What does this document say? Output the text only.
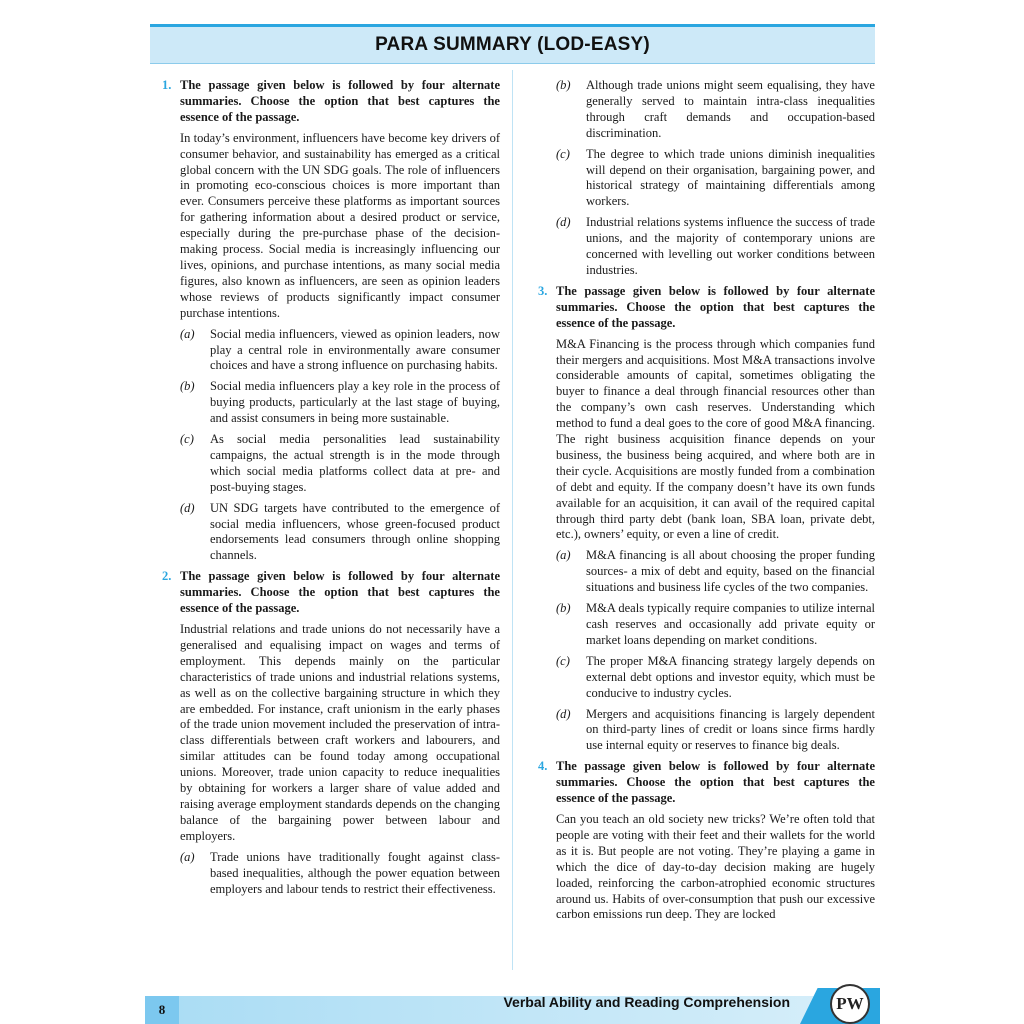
PARA SUMMARY (LOD-EASY)
1. The passage given below is followed by four alternate summaries. Choose the option that best captures the essence of the passage.

In today’s environment, influencers have become key drivers of consumer behavior, and sustainability has emerged as a critical global concern with the UN SDG goals. The role of influencers in promoting eco-conscious choices is more important than ever. Consumers perceive these platforms as important sources for gathering information about a desired product or service, especially during the pre-purchase phase of the decision-making process. Social media is increasingly influencing our lives, opinions, and purchase intentions, as many social media figures, also known as influencers, are seen as opinion leaders whose reviews of products significantly impact consumer purchase intentions.

(a)	Social media influencers, viewed as opinion leaders, now play a central role in environmentally aware consumer choices and have a strong influence on purchasing habits.
(b)	Social media influencers play a key role in the process of buying products, particularly at the last stage of buying, and assist consumers in being more sustainable.
(c)	As social media personalities lead sustainability campaigns, the actual strength is in the mode through which social media platforms collect data at pre- and post-buying stages.
(d)	UN SDG targets have contributed to the emergence of social media influencers, whose green-focused product endorsements lead consumers through online shopping channels.
2. The passage given below is followed by four alternate summaries. Choose the option that best captures the essence of the passage.

Industrial relations and trade unions do not necessarily have a generalised and equalising impact on wages and terms of employment. This depends mainly on the particular characteristics of trade unions and industrial relations systems, as well as on the collective bargaining structure in which they are embedded. For instance, craft unionism in the early phases of the trade union movement included the preservation of intra-class differentials between craft workers and labourers, and similar attitudes can be found today among occupational unions. Moreover, trade union capacity to reduce inequalities by obtaining for workers a larger share of value added and raising average employment standards depends on the changing balance of the bargaining power between labour and employers.

(a)	Trade unions have traditionally fought against class-based inequalities, although the power equation between employers and labour tends to restrict their effectiveness.
(b)	Although trade unions might seem equalising, they have generally served to maintain intra-class inequalities through craft demands and occupation-based discrimination.
(c)	The degree to which trade unions diminish inequalities will depend on their organisation, bargaining power, and historical strategy of maintaining differentials among workers.
(d)	Industrial relations systems influence the success of trade unions, and the majority of contemporary unions are concerned with levelling out worker conditions between industries.
3. The passage given below is followed by four alternate summaries. Choose the option that best captures the essence of the passage.

M&A Financing is the process through which companies fund their mergers and acquisitions. Most M&A transactions involve considerable amounts of capital, sometimes obligating the buyer to finance a deal through financial resources other than the company’s own cash reserves. Understanding which method to fund a deal goes to the core of good M&A financing. The right business acquisition finance depends on your business, the business being acquired, and where both are in their cycle. Acquisitions are mostly funded from a combination of debt and equity. If the company doesn’t have its own funds available for an acquisition, it can avail of the required capital through third party debt (bank loan, SBA loan, private debt, etc.), owners’ equity, or even a line of credit.

(a)	M&A financing is all about choosing the proper funding sources- a mix of debt and equity, based on the financial situations and business life cycles of the two companies.
(b)	M&A deals typically require companies to utilize internal cash reserves and occasionally add private equity or market loans depending on market conditions.
(c)	The proper M&A financing strategy largely depends on external debt options and investor equity, which must be conducive to industry cycles.
(d)	Mergers and acquisitions financing is largely dependent on third-party lines of credit or loans since firms hardly use internal equity or reserves to finance big deals.
4. The passage given below is followed by four alternate summaries. Choose the option that best captures the essence of the passage.

Can you teach an old society new tricks? We’re often told that people are voting with their feet and their wallets for the world as it is. But people are not voting. They’re playing a game in which the dice of day-to-day decision making are hugely loaded, reinforcing the carbon-atrophied economic structures around us. Habits of over-consumption that push our excessive carbon emissions run deep. They are locked

8	Verbal Ability and Reading Comprehension	PW
